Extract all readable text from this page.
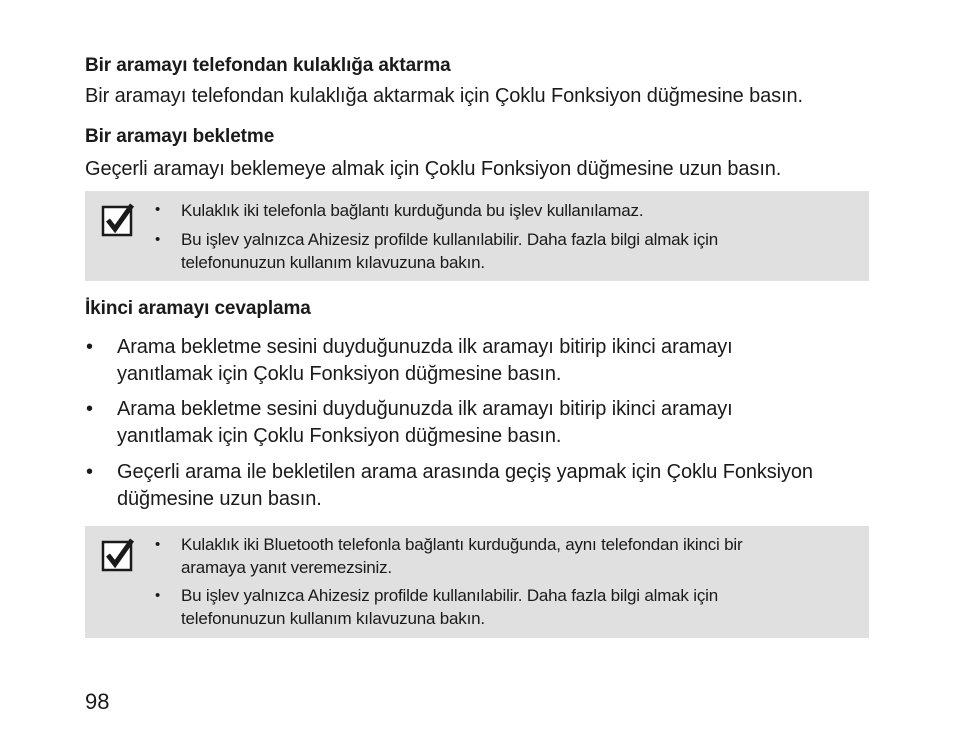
Bir aramayı telefondan kulaklığa aktarma
Bir aramayı telefondan kulaklığa aktarmak için Çoklu Fonksiyon düğmesine basın.
Bir aramayı bekletme
Geçerli aramayı beklemeye almak için Çoklu Fonksiyon düğmesine uzun basın.
• Kulaklık iki telefonla bağlantı kurduğunda bu işlev kullanılamaz.
• Bu işlev yalnızca Ahizesiz profilde kullanılabilir. Daha fazla bilgi almak için telefonunuzun kullanım kılavuzuna bakın.
İkinci aramayı cevaplama
• Arama bekletme sesini duyduğunuzda ilk aramayı bitirip ikinci aramayı yanıtlamak için Çoklu Fonksiyon düğmesine basın.
• Arama bekletme sesini duyduğunuzda ilk aramayı bitirip ikinci aramayı yanıtlamak için Çoklu Fonksiyon düğmesine basın.
• Geçerli arama ile bekletilen arama arasında geçiş yapmak için Çoklu Fonksiyon düğmesine uzun basın.
• Kulaklık iki Bluetooth telefonla bağlantı kurduğunda, aynı telefondan ikinci bir aramaya yanıt veremezsiniz.
• Bu işlev yalnızca Ahizesiz profilde kullanılabilir. Daha fazla bilgi almak için telefonunuzun kullanım kılavuzuna bakın.
98
